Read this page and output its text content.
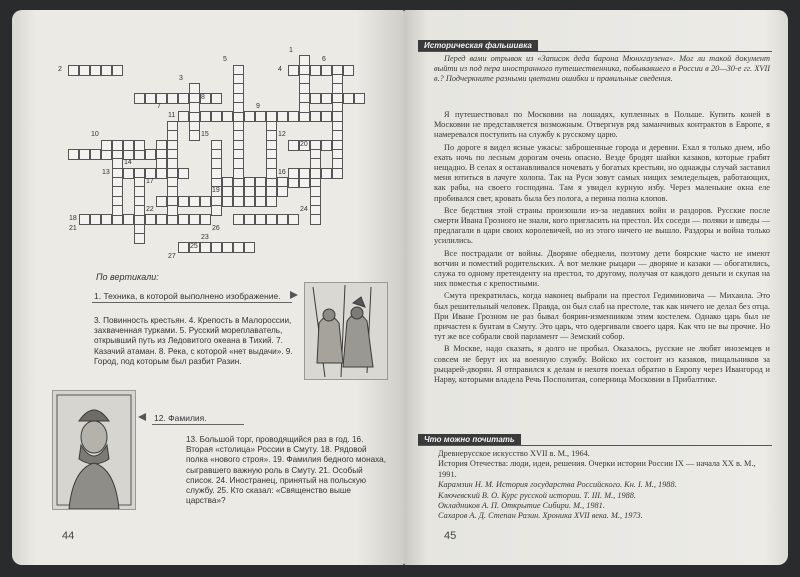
1
2
3
4
5	6
7
8
9
10
11
12
13
14
15
16
17
18
19
20
21
22
23
24
25
26
27
По вертикали:
1. Техника, в которой выполнено изображение.
3. Повинность крестьян. 4. Крепость в Малороссии, захваченная турками. 5. Русский мореплаватель, открывший путь из Ледовитого океана в Тихий. 7. Казачий атаман. 8. Река, с которой «нет выдачи». 9. Город, под которым был разбит Разин.
12. Фамилия.
13. Большой торг, проводящийся раз в год. 16. Вторая «столица» России в Смуту. 18. Рядовой полка «нового строя». 19. Фамилия бедного монаха, сыгравшего важную роль в Смуту. 21. Особый список. 24. Иностранец, принятый на польскую службу. 25. Кто сказал: «Священство выше царства»?
44
Историческая фальшивка
Перед вами отрывок из «Записок деда барона Мюнхгаузена». Мог ли такой документ выйти из под пера иностранного путешественника, побывавшего в России в 20—30-е гг. XVII в.? Подчеркните разными цветами ошибки и правильные сведения.

Я путешествовал по Московии на лошадях, купленных в Польше. Купить коней в Московии не представляется возможным. Отвергнув ряд заманчивых контрактов в Европе, я намеревался поступить на службу к русскому царю.

По дороге я видел ясные ужасы: заброшенные города и деревни. Ехал я только днем, ибо ехать ночь по лесным дорогам очень опасно. Везде бродят шайки казаков, которые грабят нещадно. В селах я останавливался ночевать у богатых крестьян, но однажды случай заставил меня ютиться в лачуге холопа. Так на Руси зовут самых нищих земледельцев, работающих, как рабы, на своего господина. Там я увидел курную избу. Через маленькие окна еле пробивался свет, кровать была без полога, а перина полна клопов.

Все бедствия этой страны произошли из-за недавних войн и раздоров. Русские после смерти Ивана Грозного не знали, кого пригласить на престол. Их соседи — поляки и шведы — предлагали в цари своих королевичей, но из этого ничего не вышло. Раздоры и война только усилились.

Все пострадали от войны. Дворяне обеднели, поэтому дети боярские часто не имеют вотчин и поместий родительских. А вот мелкие рыцари — дворяне и казаки — обогатились, служа то одному претенденту на престол, то другому, получая от каждого деньги и скупая на них поместья с крепостными.

Смута прекратилась, когда наконец выбрали на престол Гедиминовича — Михаила. Это был решительный человек. Правда, он был слаб на престоле, так как ничего не делал без отца. При Иване Грозном не раз бывал боярин-изменником этим костелем. Однако царь был не причастен к бунтам в Смуту. Это царь, что одергивали своего царя. Как что не вы прочие. Но тут же все собрали свой парламент — Земский собор.

В Москве, надо сказать, я долго не пробыл. Оказалось, русские не любят иноземцев и совсем не берут их на военную службу. Войско их состоит из казаков, пищальников за рыцарей-дворян. Я отправился к делам и нехотя поехал обратно в Европу через Ивангород и Нарву, которыми владела Речь Посполитая, соперница Московии в Прибалтике.

Что можно почитать
Древнерусское искусство XVII в. М., 1964.
История Отечества: люди, идеи, решения. Очерки истории России IX — начала XX в. М., 1991.
Карамзин Н. М. История государства Российского. Кн. I. М., 1988.
Ключевский В. О. Курс русской истории. Т. III. М., 1988.
Окладников А. П. Открытие Сибири. М., 1981.
Сахаров А. Д. Степан Разин. Хроника XVII века. М., 1973.
45
